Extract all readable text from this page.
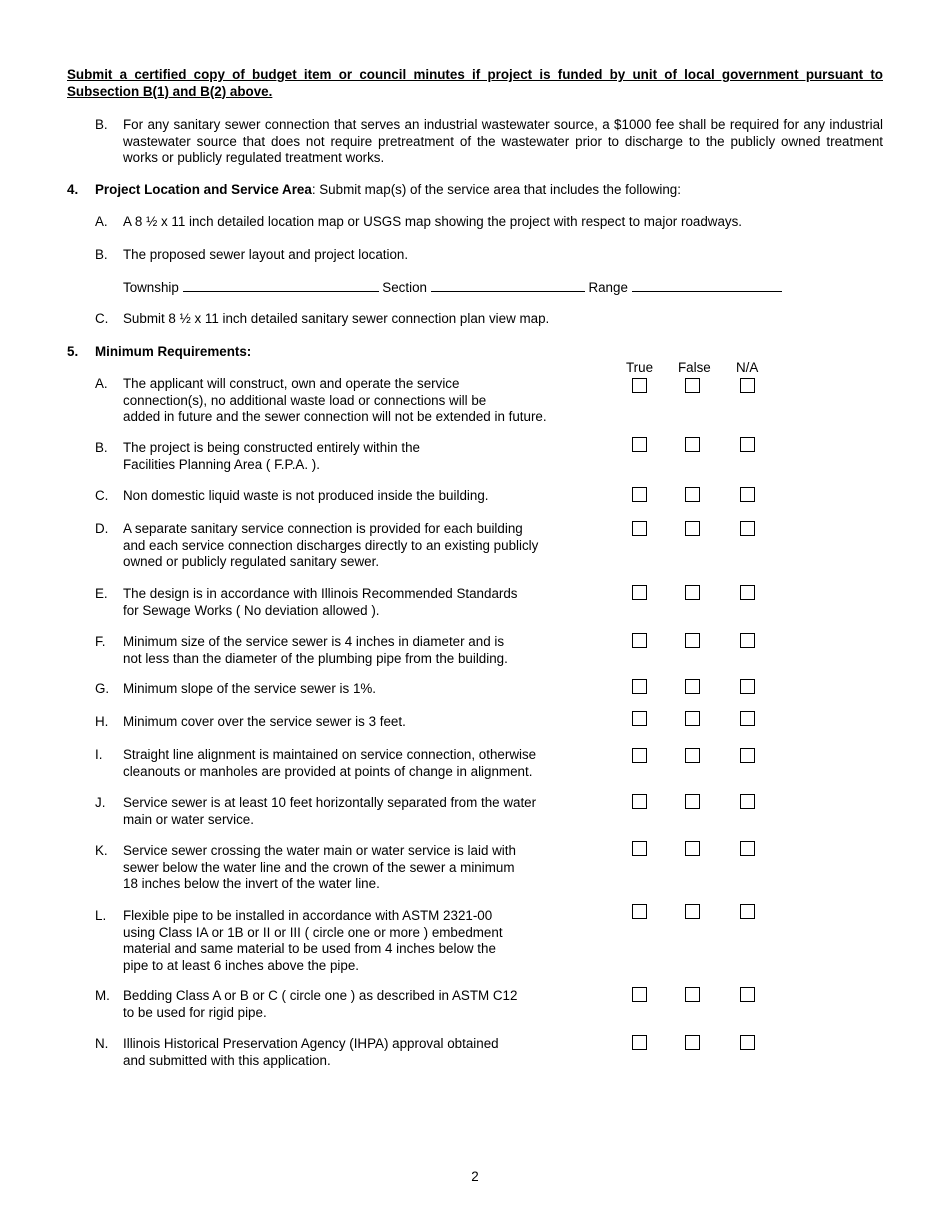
Submit a certified copy of budget item or council minutes if project is funded by unit of local government pursuant to Subsection B(1) and B(2) above.
B. For any sanitary sewer connection that serves an industrial wastewater source, a $1000 fee shall be required for any industrial wastewater source that does not require pretreatment of the wastewater prior to discharge to the publicly owned treatment works or publicly regulated treatment works.
4. Project Location and Service Area: Submit map(s) of the service area that includes the following:
A. A 8 ½ x 11 inch detailed location map or USGS map showing the project with respect to major roadways.
B. The proposed sewer layout and project location.
Township	Section	Range
C. Submit 8 ½ x 11 inch detailed sanitary sewer connection plan view map.
5. Minimum Requirements:
True False N/A
A. The applicant will construct, own and operate the service
connection(s), no additional waste load or connections will be
added in future and the sewer connection will not be extended in future.
B. The project is being constructed entirely within the
Facilities Planning Area ( F.P.A. ).
C. Non domestic liquid waste is not produced inside the building.
D. A separate sanitary service connection is provided for each building
and each service connection discharges directly to an existing publicly
owned or publicly regulated sanitary sewer.
E. The design is in accordance with Illinois Recommended Standards
for Sewage Works ( No deviation allowed ).
F. Minimum size of the service sewer is 4 inches in diameter and is
not less than the diameter of the plumbing pipe from the building.
G. Minimum slope of the service sewer is 1%.
H. Minimum cover over the service sewer is 3 feet.
I. Straight line alignment is maintained on service connection, otherwise
cleanouts or manholes are provided at points of change in alignment.
J. Service sewer is at least 10 feet horizontally separated from the water
main or water service.
K. Service sewer crossing the water main or water service is laid with
sewer below the water line and the crown of the sewer a minimum
18 inches below the invert of the water line.
L. Flexible pipe to be installed in accordance with ASTM 2321-00
using Class IA or 1B or II or III ( circle one or more ) embedment
material and same material to be used from 4 inches below the
pipe to at least 6 inches above the pipe.
M. Bedding Class A or B or C ( circle one ) as described in ASTM C12
to be used for rigid pipe.
N. Illinois Historical Preservation Agency (IHPA) approval obtained
and submitted with this application.
2
